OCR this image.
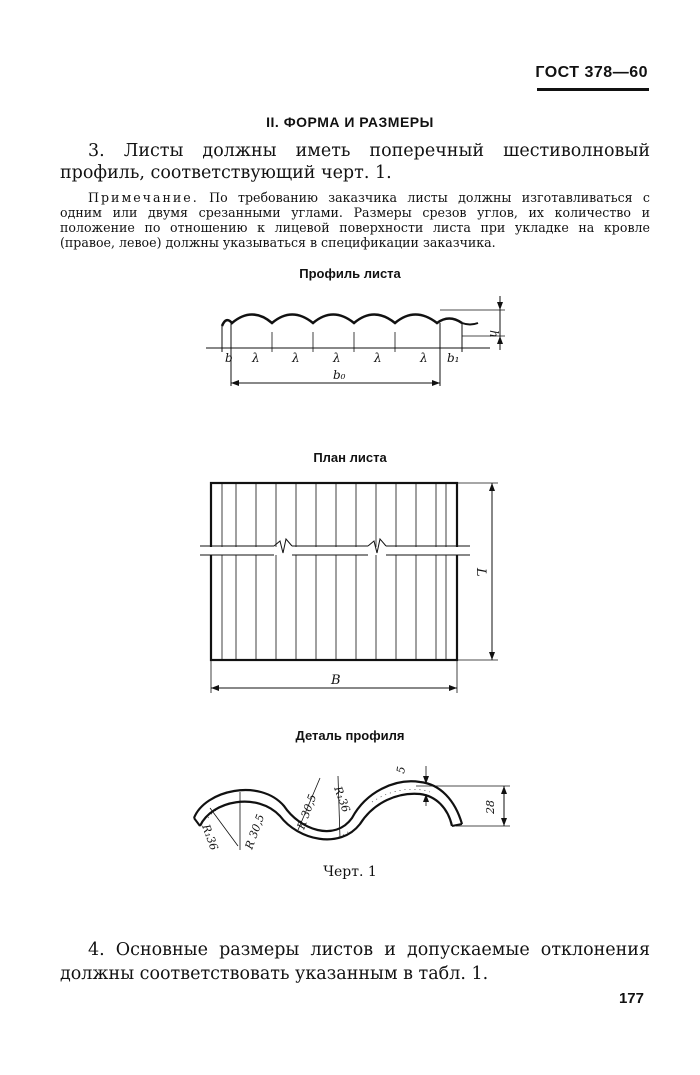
ГОСТ 378—60
II. ФОРМА И РАЗМЕРЫ
3. Листы должны иметь поперечный шестиволновый профиль, соответствующий черт. 1.
Примечание. По требованию заказчика листы должны изготавливаться с одним или двумя срезанными углами. Размеры срезов углов, их количество и положение по отношению к лицевой поверхности листа при укладке на кровле (правое, левое) должны указываться в спецификации заказчика.
Профиль листа
b λ	λ	λ	λ	λ b₁
b₀
h
План листа
L
B
Деталь профиля
R₁36 R 30,5
R 30,5 R₁36
5
28
Черт. 1
4. Основные размеры листов и допускаемые отклонения должны соответствовать указанным в табл. 1.
177
